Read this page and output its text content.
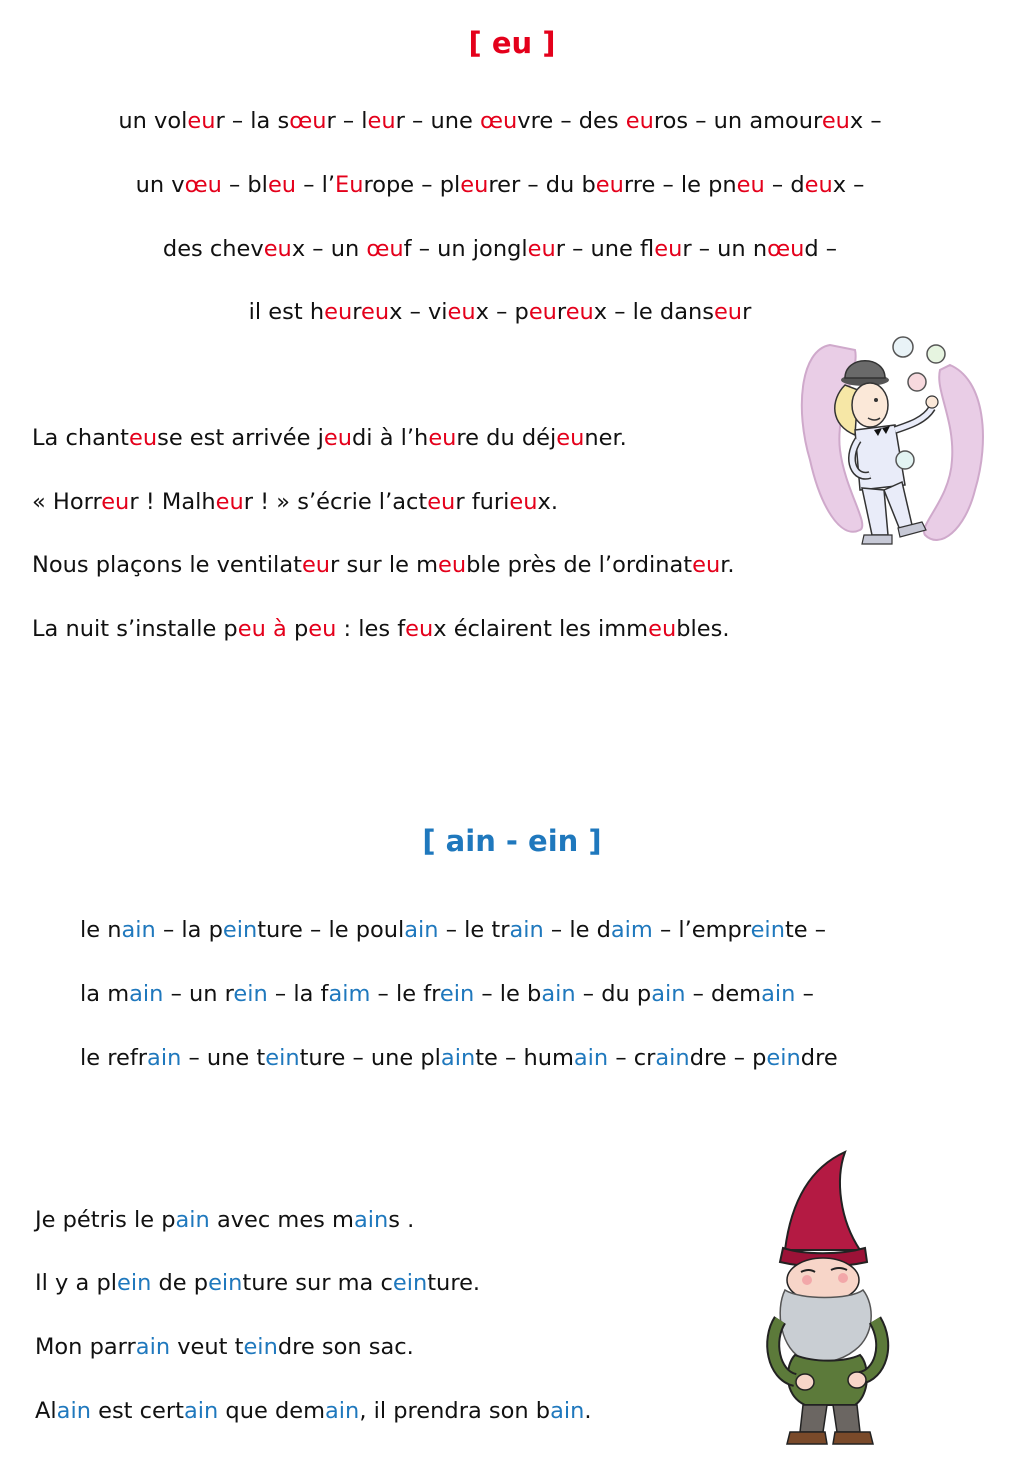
[ eu ]
[ ain - ein ]
un voleur – la sœur – leur – une œuvre – des euros – un amoureux –
un vœu – bleu – l’Europe – pleurer – du beurre – le pneu – deux –
des cheveux – un œuf – un jongleur – une fleur – un nœud –
il est heureux – vieux – peureux – le danseur
La chanteuse est arrivée jeudi à l’heure du déjeuner.
« Horreur ! Malheur ! » s’écrie l’acteur furieux.
Nous plaçons le ventilateur sur le meuble près de l’ordinateur.
La nuit s’installe peu à peu : les feux éclairent les immeubles.
le nain – la peinture – le poulain – le train – le daim – l’empreinte –
la main – un rein – la faim – le frein – le bain – du pain – demain –
le refrain – une teinture – une plainte – humain – craindre – peindre
Je pétris le pain avec mes mains .
Il y a plein de peinture sur ma ceinture.
Mon parrain veut teindre son sac.
Alain est certain que demain, il prendra son bain.
